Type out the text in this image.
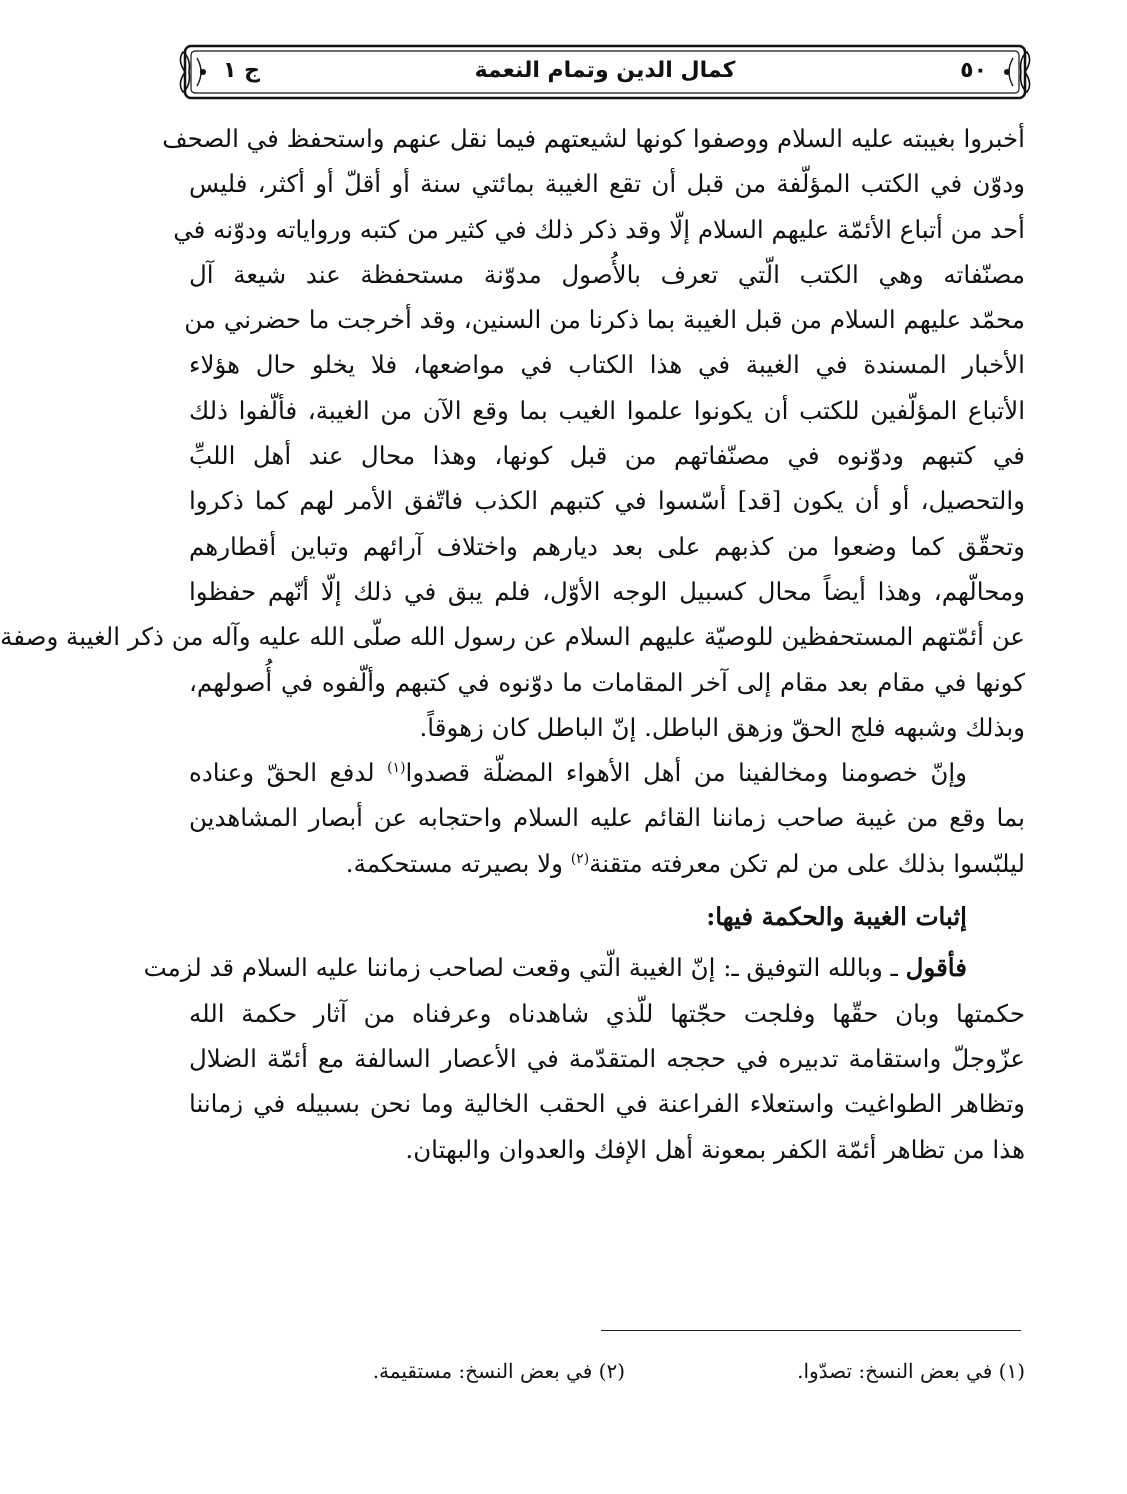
٥٠
كمال الدين وتمام النعمة
ج ١
أخبروا بغيبته عليه السلام ووصفوا كونها لشيعتهم فيما نقل عنهم واستحفظ في الصحف
ودوّن في الكتب المؤلّفة من قبل أن تقع الغيبة بمائتي سنة أو أقلّ أو أكثر، فليس
أحد من أتباع الأئمّة عليهم السلام إلّا وقد ذكر ذلك في كثير من كتبه ورواياته ودوّنه في
مصنّفاته وهي الكتب الّتي تعرف بالأُصول مدوّنة مستحفظة عند شيعة آل
محمّد عليهم السلام من قبل الغيبة بما ذكرنا من السنين، وقد أخرجت ما حضرني من
الأخبار المسندة في الغيبة في هذا الكتاب في مواضعها، فلا يخلو حال هؤلاء
الأتباع المؤلّفين للكتب أن يكونوا علموا الغيب بما وقع الآن من الغيبة، فألّفوا ذلك
في كتبهم ودوّنوه في مصنّفاتهم من قبل كونها، وهذا محال عند أهل اللبِّ
والتحصيل، أو أن يكون [قد] أسّسوا في كتبهم الكذب فاتّفق الأمر لهم كما ذكروا
وتحقّق كما وضعوا من كذبهم على بعد ديارهم واختلاف آرائهم وتباين أقطارهم
ومحالّهم، وهذا أيضاً محال كسبيل الوجه الأوّل، فلم يبق في ذلك إلّا أنّهم حفظوا
عن أئمّتهم المستحفظين للوصيّة عليهم السلام عن رسول الله صلّى الله عليه وآله من ذكر الغيبة وصفة
كونها في مقام بعد مقام إلى آخر المقامات ما دوّنوه في كتبهم وألّفوه في أُصولهم،
وبذلك وشبهه فلج الحقّ وزهق الباطل. إنّ الباطل كان زهوقاً.
وإنّ خصومنا ومخالفينا من أهل الأهواء المضلّة قصدوا$^{(١)}$ لدفع الحقّ وعناده
بما وقع من غيبة صاحب زماننا القائم عليه السلام واحتجابه عن أبصار المشاهدين
ليلبّسوا بذلك على من لم تكن معرفته متقنة$^{(٢)}$ ولا بصيرته مستحكمة.
إثبات الغيبة والحكمة فيها:
فأقول ـ وبالله التوفيق ـ: إنّ الغيبة الّتي وقعت لصاحب زماننا عليه السلام قد لزمت
حكمتها وبان حقّها وفلجت حجّتها للّذي شاهدناه وعرفناه من آثار حكمة الله
عزّوجلّ واستقامة تدبيره في حججه المتقدّمة في الأعصار السالفة مع أئمّة الضلال
وتظاهر الطواغيت واستعلاء الفراعنة في الحقب الخالية وما نحن بسبيله في زماننا
هذا من تظاهر أئمّة الكفر بمعونة أهل الإفك والعدوان والبهتان.
(١) في بعض النسخ: تصدّوا.
(٢) في بعض النسخ: مستقيمة.
